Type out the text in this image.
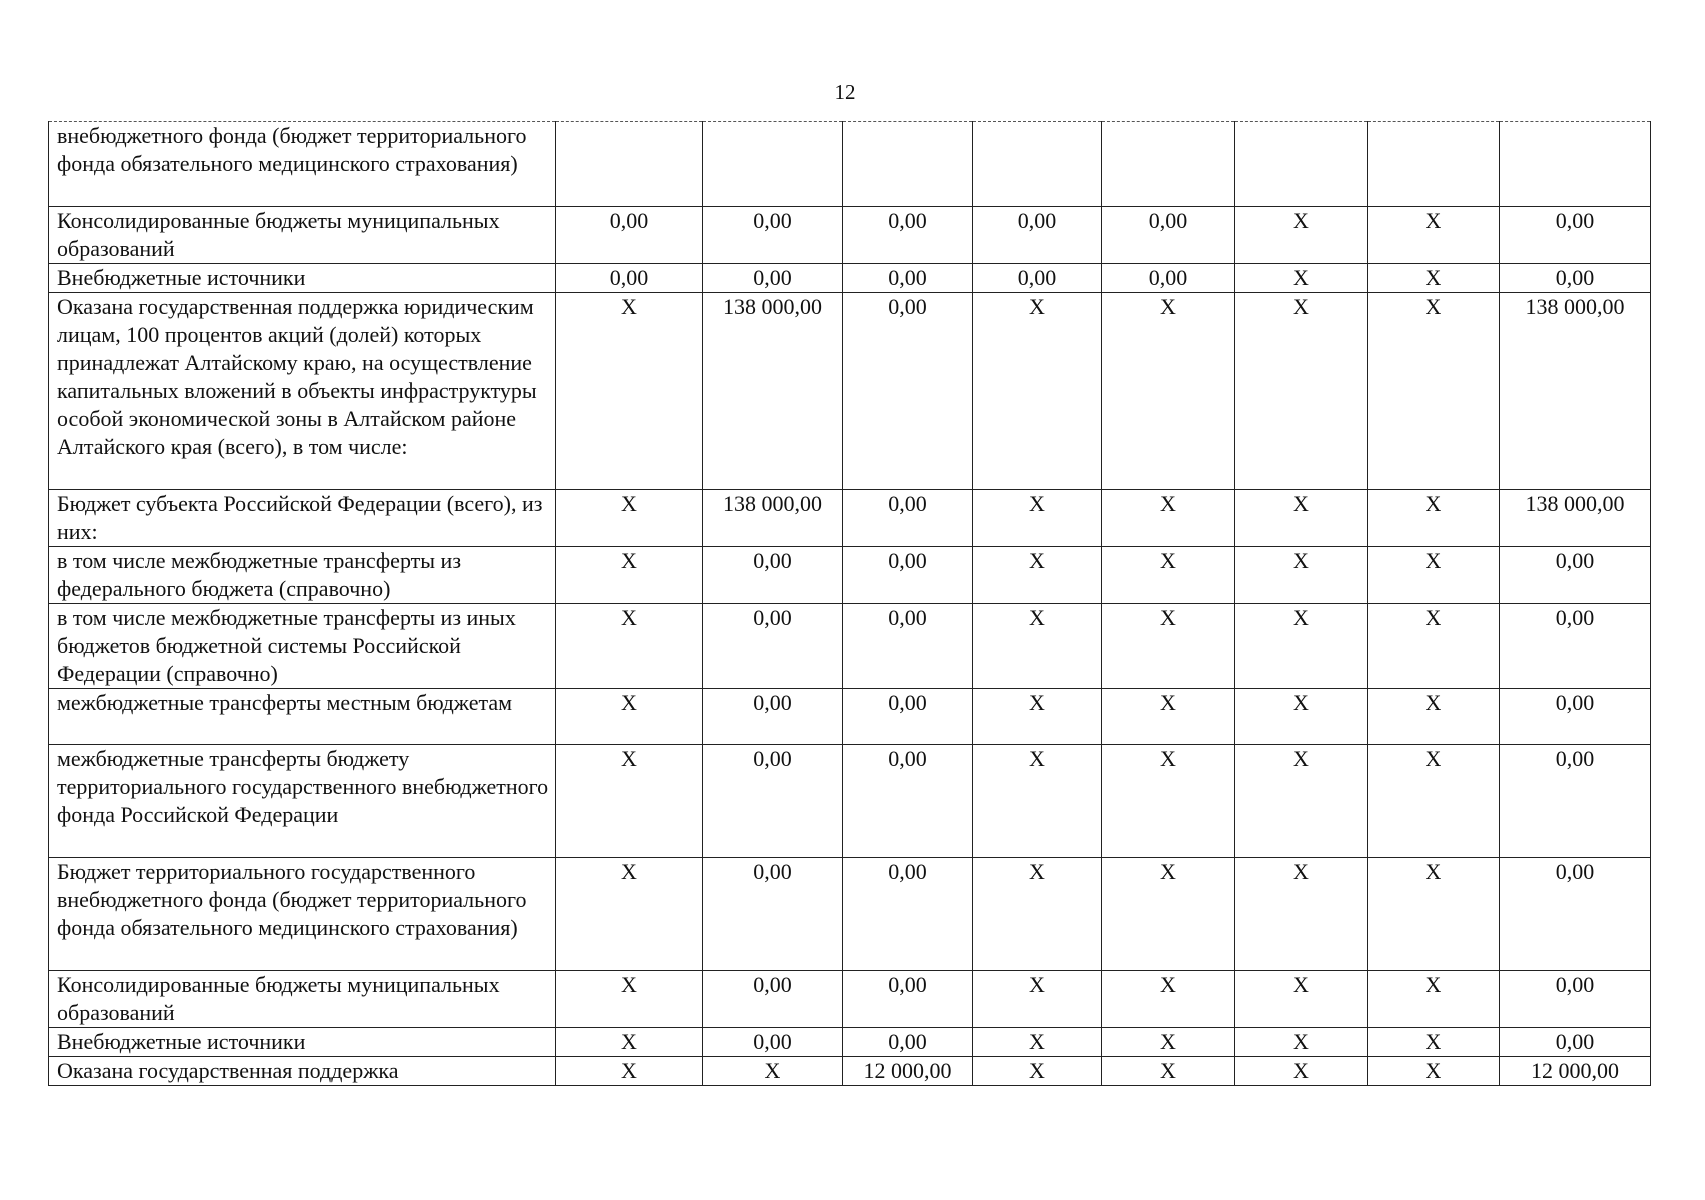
12
внебюджетного фонда (бюджет территориального фонда обязательного медицинского страхования)								
Консолидированные бюджеты муниципальных образований	0,00	0,00	0,00	0,00	0,00	X	X	0,00
Внебюджетные источники	0,00	0,00	0,00	0,00	0,00	X	X	0,00
Оказана государственная поддержка юридическим лицам, 100 процентов акций (долей) которых принадлежат Алтайскому краю, на осуществление капитальных вложений в объекты инфраструктуры особой экономической зоны в Алтайском районе Алтайского края (всего), в том числе:	X	138 000,00	0,00	X	X	X	X	138 000,00
Бюджет субъекта Российской Федерации (всего), из них:	X	138 000,00	0,00	X	X	X	X	138 000,00
в том числе межбюджетные трансферты из федерального бюджета (справочно)	X	0,00	0,00	X	X	X	X	0,00
в том числе межбюджетные трансферты из иных бюджетов бюджетной системы Российской Федерации (справочно)	X	0,00	0,00	X	X	X	X	0,00
межбюджетные трансферты местным бюджетам	X	0,00	0,00	X	X	X	X	0,00
межбюджетные трансферты бюджету территориального государственного внебюджетного фонда Российской Федерации	X	0,00	0,00	X	X	X	X	0,00
Бюджет территориального государственного внебюджетного фонда (бюджет территориального фонда обязательного медицинского страхования)	X	0,00	0,00	X	X	X	X	0,00
Консолидированные бюджеты муниципальных образований	X	0,00	0,00	X	X	X	X	0,00
Внебюджетные источники	X	0,00	0,00	X	X	X	X	0,00
Оказана государственная поддержка	X	X	12 000,00	X	X	X	X	12 000,00
